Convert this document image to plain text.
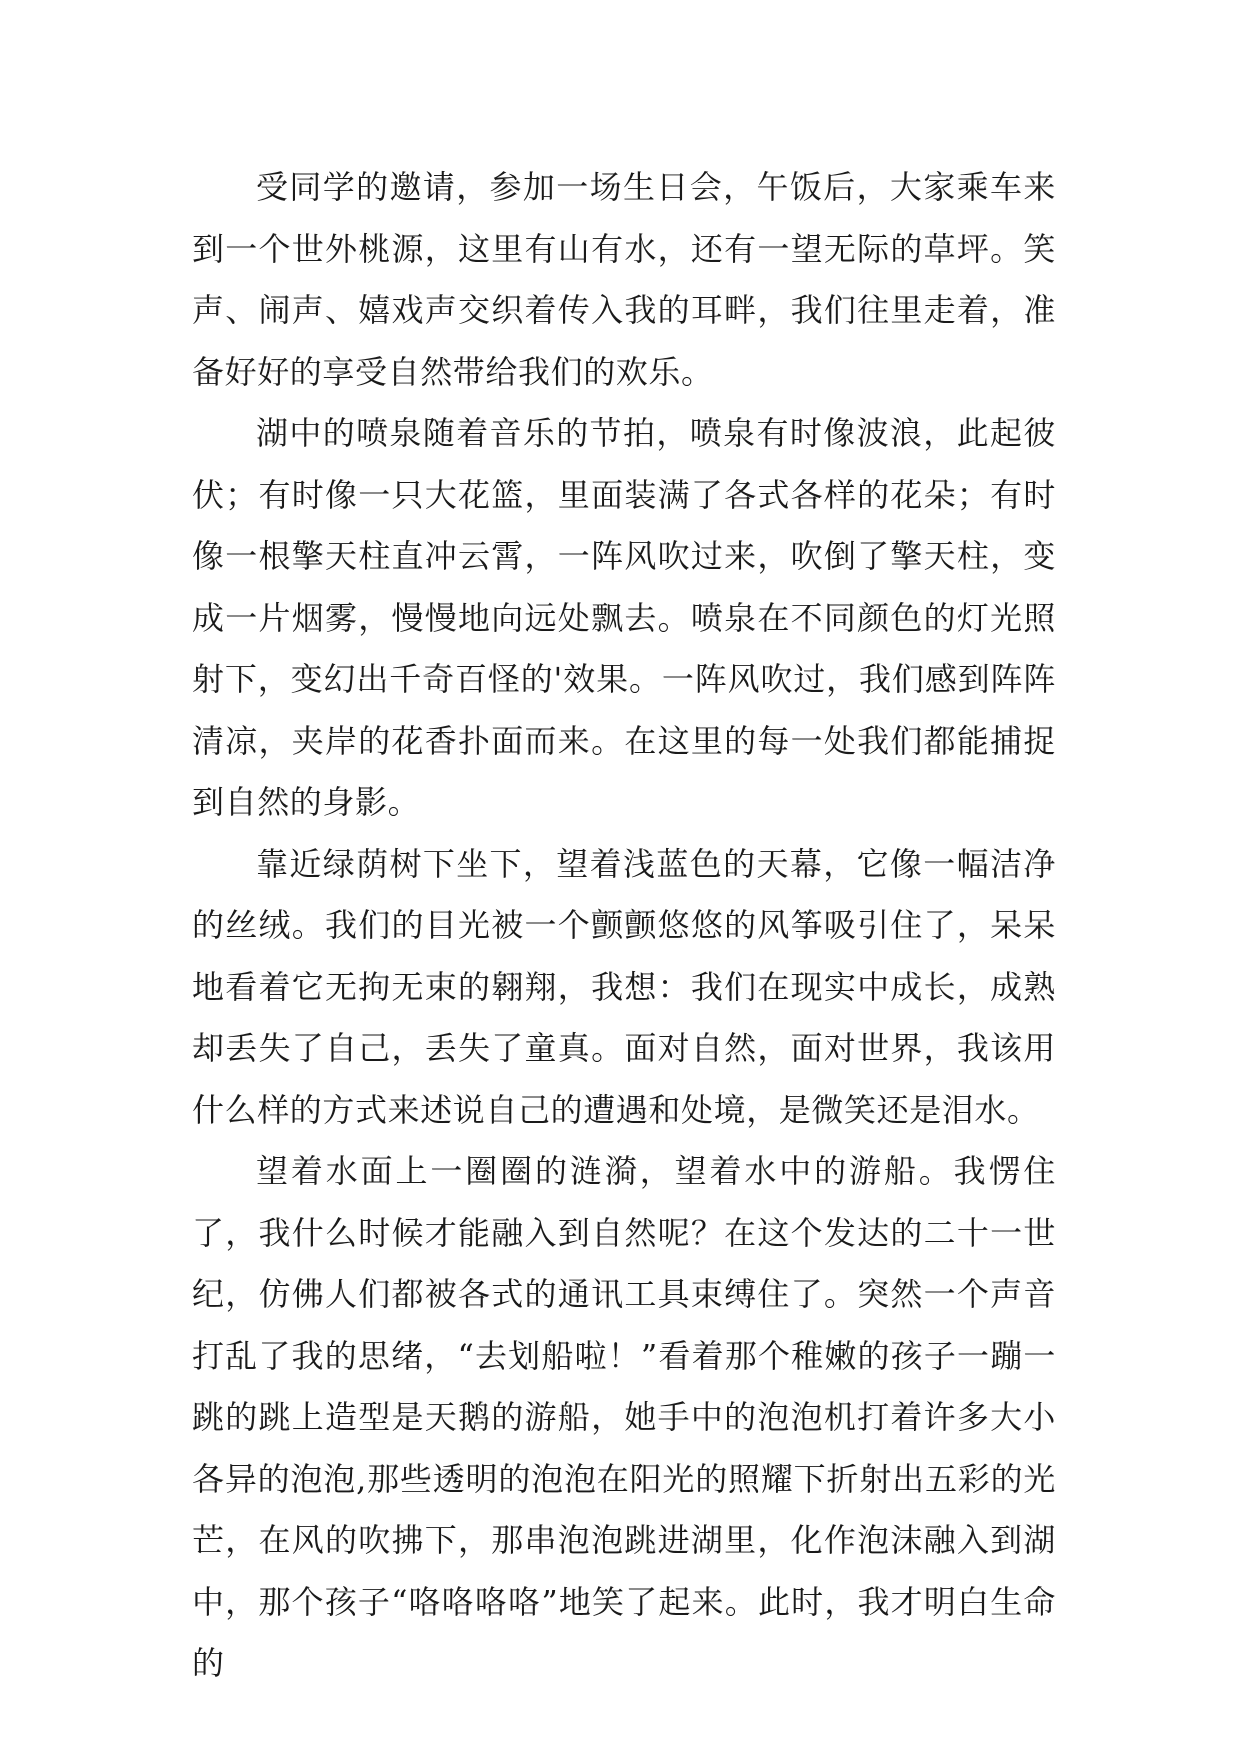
受同学的邀请，参加一场生日会，午饭后，大家乘车来到一个世外桃源，这里有山有水，还有一望无际的草坪。笑声、闹声、嬉戏声交织着传入我的耳畔，我们往里走着，准备好好的享受自然带给我们的欢乐。

湖中的喷泉随着音乐的节拍，喷泉有时像波浪，此起彼伏；有时像一只大花篮，里面装满了各式各样的花朵；有时像一根擎天柱直冲云霄，一阵风吹过来，吹倒了擎天柱，变成一片烟雾，慢慢地向远处飘去。喷泉在不同颜色的灯光照射下，变幻出千奇百怪的'效果。一阵风吹过，我们感到阵阵清凉，夹岸的花香扑面而来。在这里的每一处我们都能捕捉到自然的身影。

靠近绿荫树下坐下，望着浅蓝色的天幕，它像一幅洁净的丝绒。我们的目光被一个颤颤悠悠的风筝吸引住了，呆呆地看着它无拘无束的翱翔，我想：我们在现实中成长，成熟却丢失了自己，丢失了童真。面对自然，面对世界，我该用什么样的方式来述说自己的遭遇和处境，是微笑还是泪水。

望着水面上一圈圈的涟漪，望着水中的游船。我愣住了，我什么时候才能融入到自然呢？在这个发达的二十一世纪，仿佛人们都被各式的通讯工具束缚住了。突然一个声音打乱了我的思绪，“去划船啦！”看着那个稚嫩的孩子一蹦一跳的跳上造型是天鹅的游船，她手中的泡泡机打着许多大小各异的泡泡,那些透明的泡泡在阳光的照耀下折射出五彩的光芒，在风的吹拂下，那串泡泡跳进湖里，化作泡沫融入到湖中，那个孩子“咯咯咯咯”地笑了起来。此时，我才明白生命的
